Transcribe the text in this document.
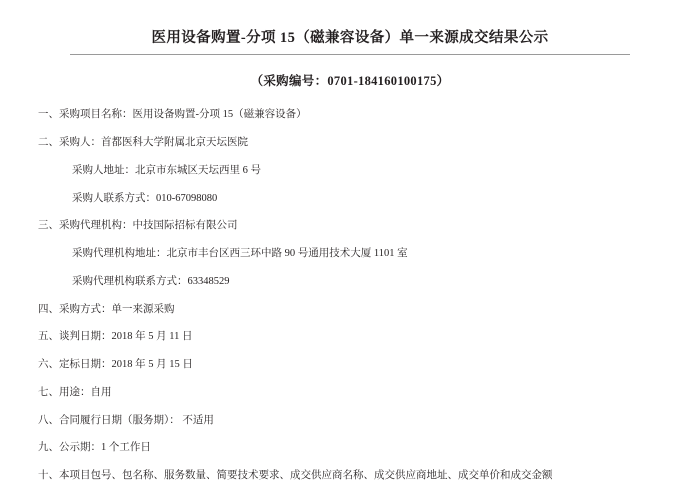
医用设备购置-分项 15（磁兼容设备）单一来源成交结果公示
（采购编号：0701-184160100175）

一、采购项目名称：医用设备购置-分项 15（磁兼容设备）

二、采购人：首都医科大学附属北京天坛医院

采购人地址：北京市东城区天坛西里 6 号

采购人联系方式：010-67098080

三、采购代理机构：中技国际招标有限公司

采购代理机构地址：北京市丰台区西三环中路 90 号通用技术大厦 1101 室

采购代理机构联系方式：63348529

四、采购方式：单一来源采购

五、谈判日期：2018 年 5 月 11 日

六、定标日期：2018 年 5 月 15 日

七、用途：自用

八、合同履行日期（服务期）： 不适用

九、公示期：1 个工作日

十、本项目包号、包名称、服务数量、简要技术要求、成交供应商名称、成交供应商地址、成交单价和成交金额
